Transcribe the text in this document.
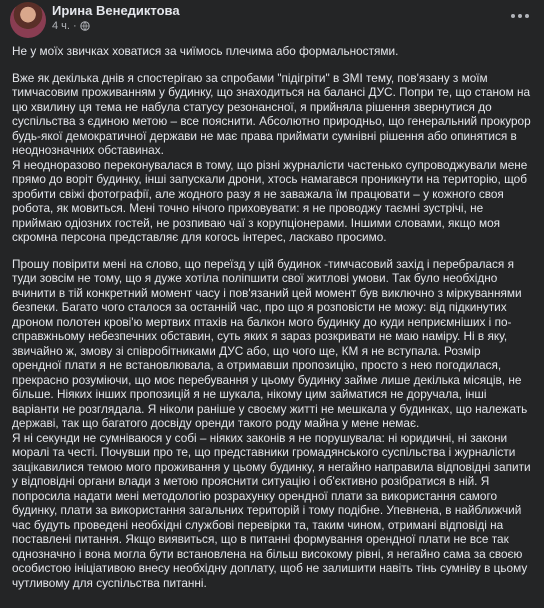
Ирина Венедиктова
4 ч. ·

Не у моїх звичках ховатися за чиїмось плечима або формальностями.

Вже як декілька днів я спостерігаю за спробами "підігріти" в ЗМІ тему, пов'язану з моїм тимчасовим проживанням у будинку, що знаходиться на балансі ДУС. Попри те, що станом на цю хвилину ця тема не набула статусу резонансної, я прийняла рішення звернутися до суспільства з єдиною метою – все пояснити. Абсолютно природньо, що генеральний прокурор будь-якої демократичної держави не має права приймати сумнівні рішення або опинятися в неоднозначних обставинах.

Я неодноразово переконувалася в тому, що різні журналісти частенько супроводжували мене прямо до воріт будинку, інші запускали дрони, хтось намагався проникнути на територію, щоб зробити свіжі фотографії, але жодного разу я не заважала їм працювати – у кожного своя робота, як мовиться. Мені точно нічого приховувати: я не проводжу таємні зустрічі, не приймаю одіозних гостей, не розпиваю чаї з корупціонерами. Іншими словами, якщо моя скромна персона представляє для когось інтерес, ласкаво просимо.

Прошу повірити мені на слово, що переїзд у цій будинок -тимчасовий захід і перебралася я туди зовсім не тому, що я дуже хотіла поліпшити свої житлові умови. Так було необхідно вчинити в тій конкретний момент часу і пов'язаний цей момент був виключно з міркуваннями безпеки. Багато чого сталося за останній час, про що я розповісти не можу: від підкинутих дроном полотен крові'ю мертвих птахів на балкон мого будинку до куди неприємніших і по-справжньому небезпечних обставин, суть яких я зараз розкривати не маю наміру. Ні в яку, звичайно ж, змову зі співробітниками ДУС або, що чого ще, КМ я не вступала. Розмір орендної плати я не встановлювала, а отримавши пропозицію, просто з нею погодилася, прекрасно розуміючи, що моє перебування у цьому будинку займе лише декілька місяців, не більше. Ніяких інших пропозицій я не шукала, нікому цим займатися не доручала, інші варіанти не розглядала. Я ніколи раніше у своєму житті не мешкала у будинках, що належать державі, так що багатого досвіду оренди такого роду майна у мене немає.

Я ні секунди не сумніваюся у собі – ніяких законів я не порушувала: ні юридичні, ні закони моралі та честі. Почувши про те, що представники громадянського суспільства і журналісти зацікавилися темою мого проживання у цьому будинку, я негайно направила відповідні запити у відповідні органи влади з метою прояснити ситуацію і об'єктивно розібратися в ній. Я попросила надати мені методологію розрахунку орендної плати за використання самого будинку, плати за використання загальних територій і тому подібне. Упевнена, в найближчий час будуть проведені необхідні службові перевірки та, таким чином, отримані відповіді на поставлені питання. Якщо виявиться, що в питанні формування орендної плати не все так однозначно і вона могла бути встановлена на більш високому рівні, я негайно сама за своєю особистою ініціативою внесу необхідну доплату, щоб не залишити навіть тінь сумніву в цьому чутливому для суспільства питанні.
